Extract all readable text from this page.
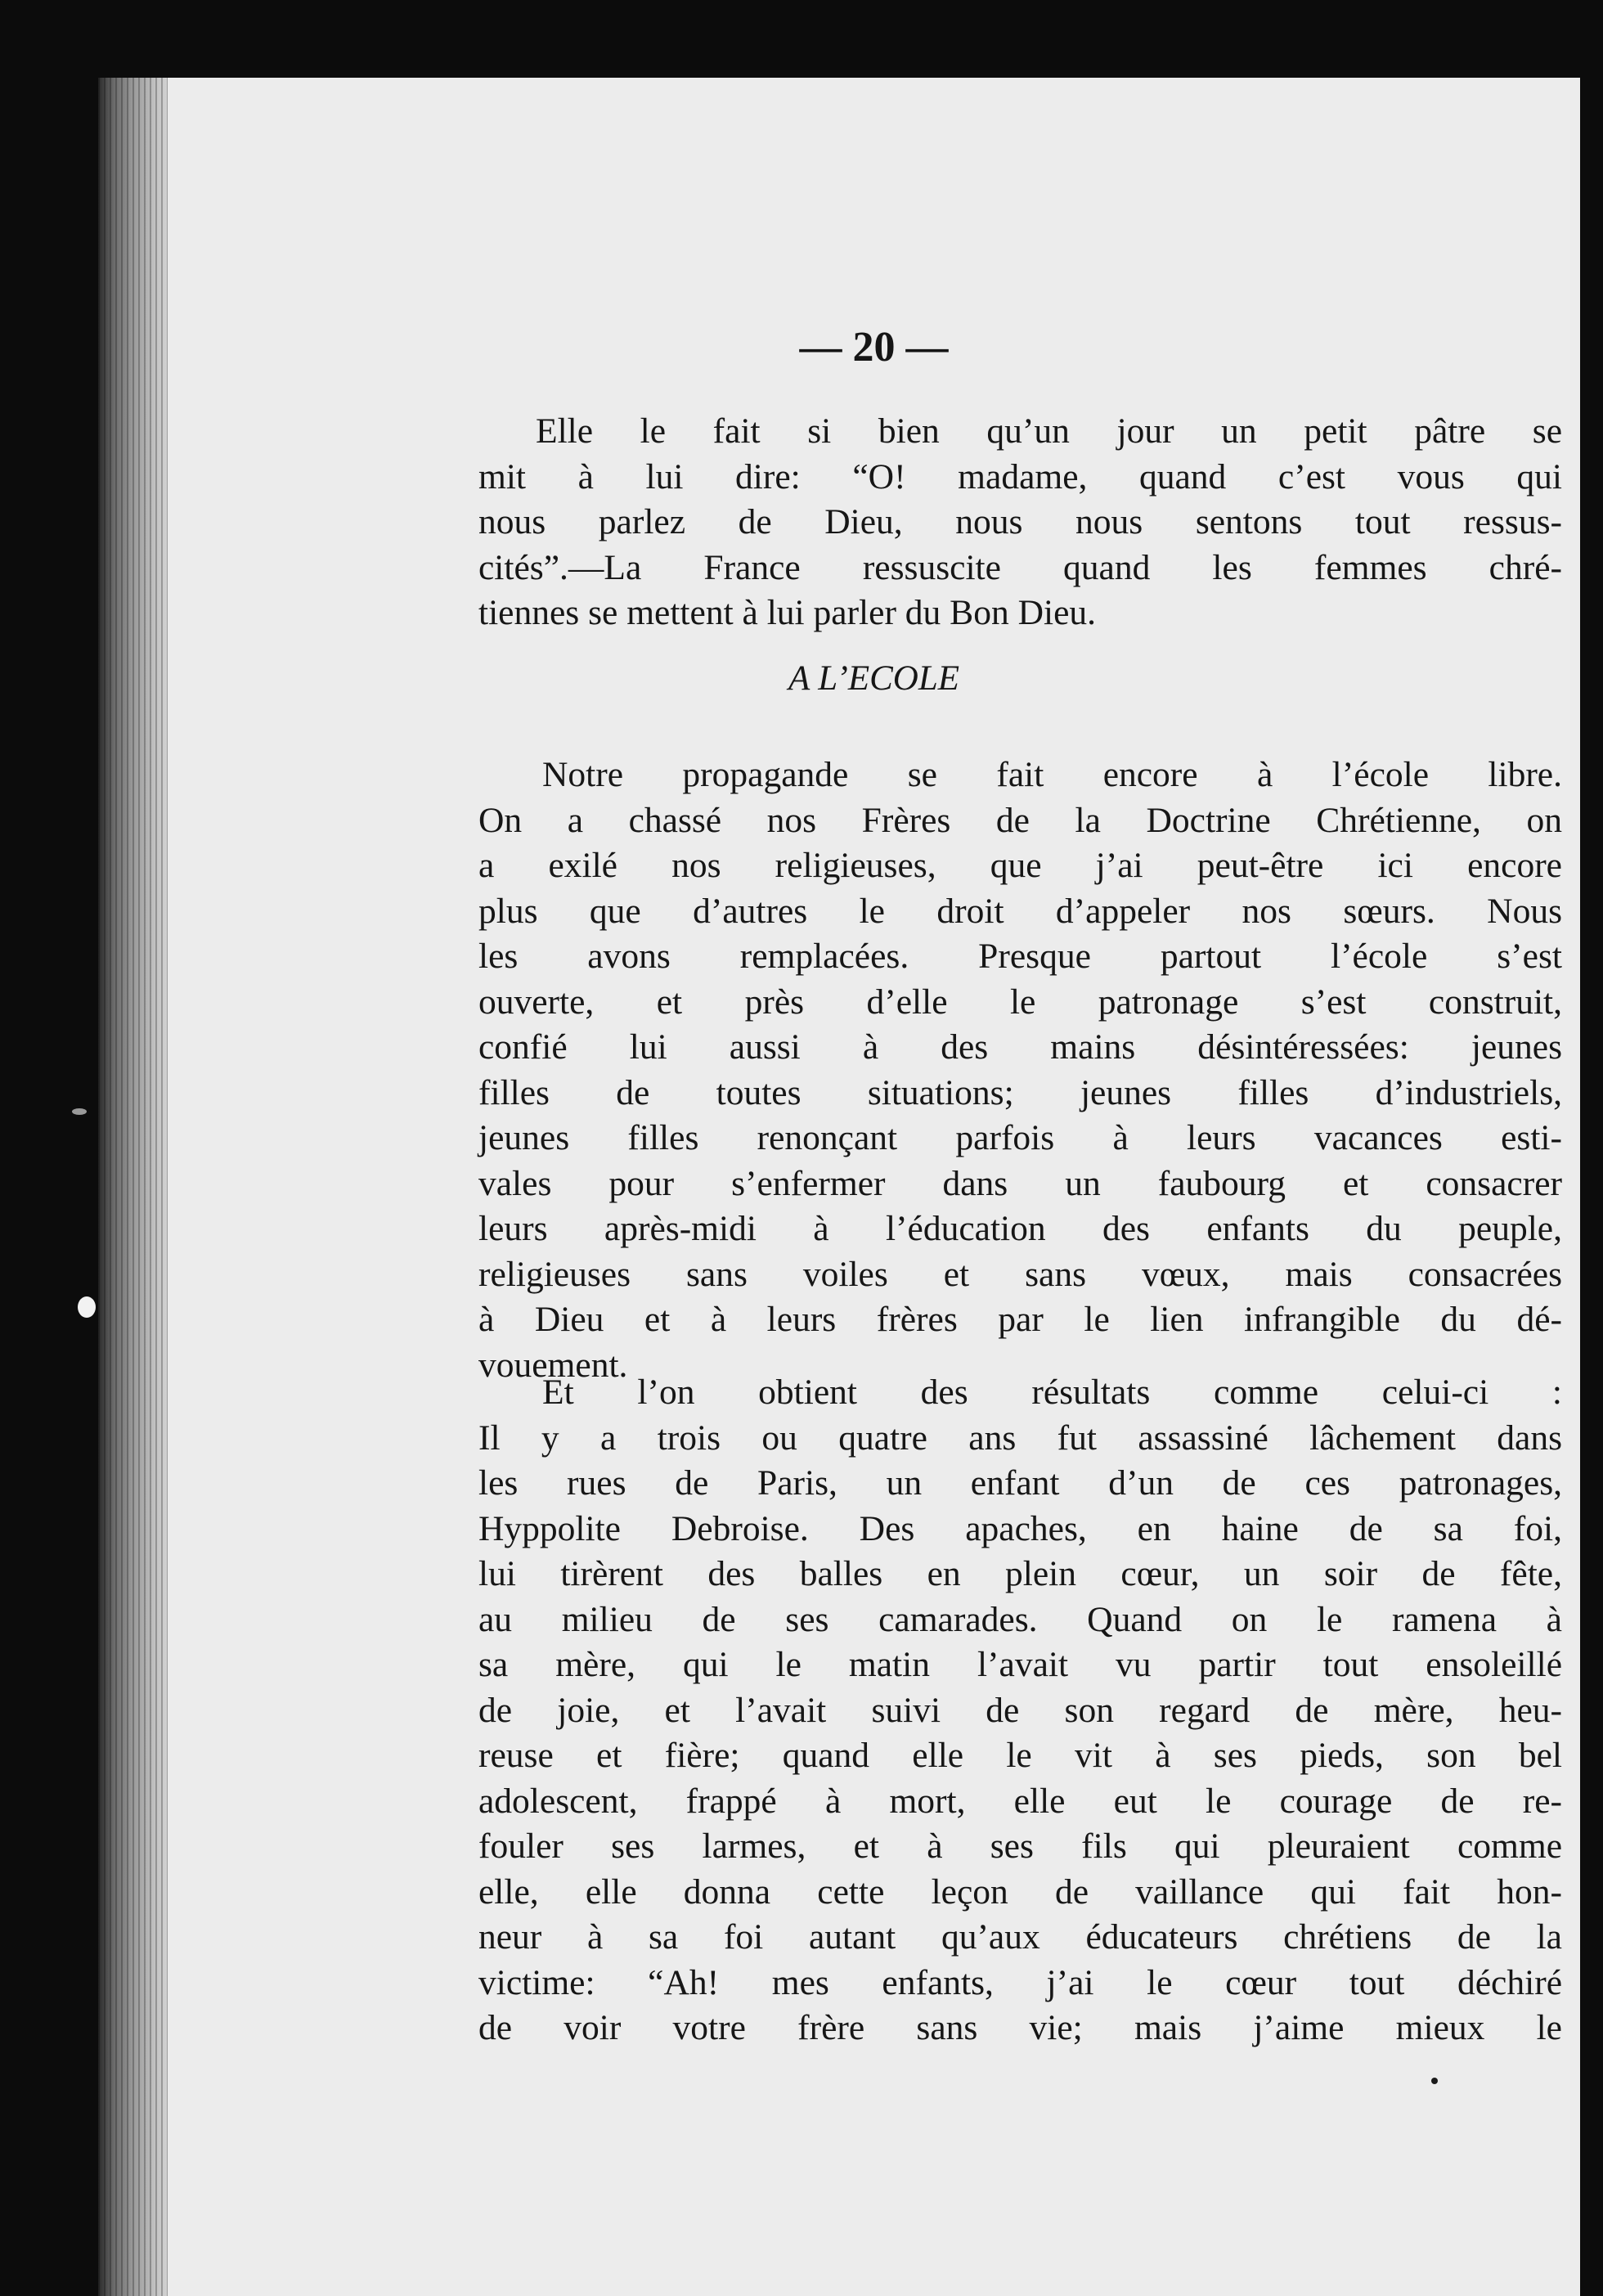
— 20 —

Elle le fait si bien qu’un jour un petit pâtre se
mit à lui dire: “O! madame, quand c’est vous qui
nous parlez de Dieu, nous nous sentons tout ressus-
cités”.—La France ressuscite quand les femmes chré-
tiennes se mettent à lui parler du Bon Dieu.

A L’ECOLE

Notre propagande se fait encore à l’école libre.
On a chassé nos Frères de la Doctrine Chrétienne, on
a exilé nos religieuses, que j’ai peut-être ici encore
plus que d’autres le droit d’appeler nos sœurs. Nous
les avons remplacées. Presque partout l’école s’est
ouverte, et près d’elle le patronage s’est construit,
confié lui aussi à des mains désintéressées: jeunes
filles de toutes situations; jeunes filles d’industriels,
jeunes filles renonçant parfois à leurs vacances esti-
vales pour s’enfermer dans un faubourg et consacrer
leurs après-midi à l’éducation des enfants du peuple,
religieuses sans voiles et sans vœux, mais consacrées
à Dieu et à leurs frères par le lien infrangible du dé-
vouement.
Et l’on obtient des résultats comme celui-ci :
Il y a trois ou quatre ans fut assassiné lâchement dans
les rues de Paris, un enfant d’un de ces patronages,
Hyppolite Debroise. Des apaches, en haine de sa foi,
lui tirèrent des balles en plein cœur, un soir de fête,
au milieu de ses camarades. Quand on le ramena à
sa mère, qui le matin l’avait vu partir tout ensoleillé
de joie, et l’avait suivi de son regard de mère, heu-
reuse et fière; quand elle le vit à ses pieds, son bel
adolescent, frappé à mort, elle eut le courage de re-
fouler ses larmes, et à ses fils qui pleuraient comme
elle, elle donna cette leçon de vaillance qui fait hon-
neur à sa foi autant qu’aux éducateurs chrétiens de la
victime: “Ah! mes enfants, j’ai le cœur tout déchiré
de voir votre frère sans vie; mais j’aime mieux le
